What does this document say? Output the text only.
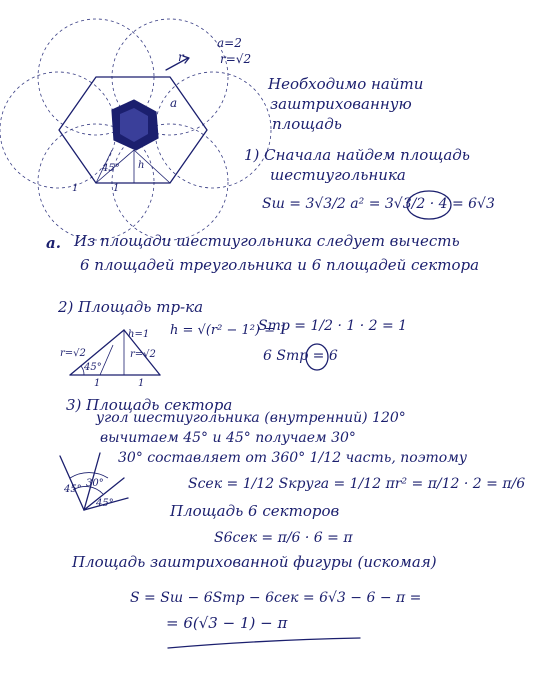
a=2
r=√2
r
a
h
45°
1	1
Необходимо найти
заштрихованную
площадь
1) Сначала найдем площадь
шестиугольника
Sш = 3√3/2 a² = 3√3/2 · 4 = 6√3
a. Из площади шестиугольника следует вычесть
6 площадей треугольника и 6 площадей сектора
2) Площадь тр-ка
h = √(r² − 1²) = 1
Sтр = 1/2 · 1 · 2 = 1
6 Sтр = 6
r=√2	r=√2
h=1
45°
1	1
3) Площадь сектора
угол шестиугольника (внутренний) 120°
вычитаем 45° и 45° получаем 30°
30° составляет от 360° 1/12 часть, поэтому
Sсек = 1/12 Sкруга = 1/12 πr² = π/12 · 2 = π/6
Площадь 6 секторов
S6сек = π/6 · 6 = π
45°
30°
45°
Площадь заштрихованной фигуры (искомая)
S = Sш − 6Sтр − 6сек = 6√3 − 6 − π =
= 6(√3 − 1) − π
